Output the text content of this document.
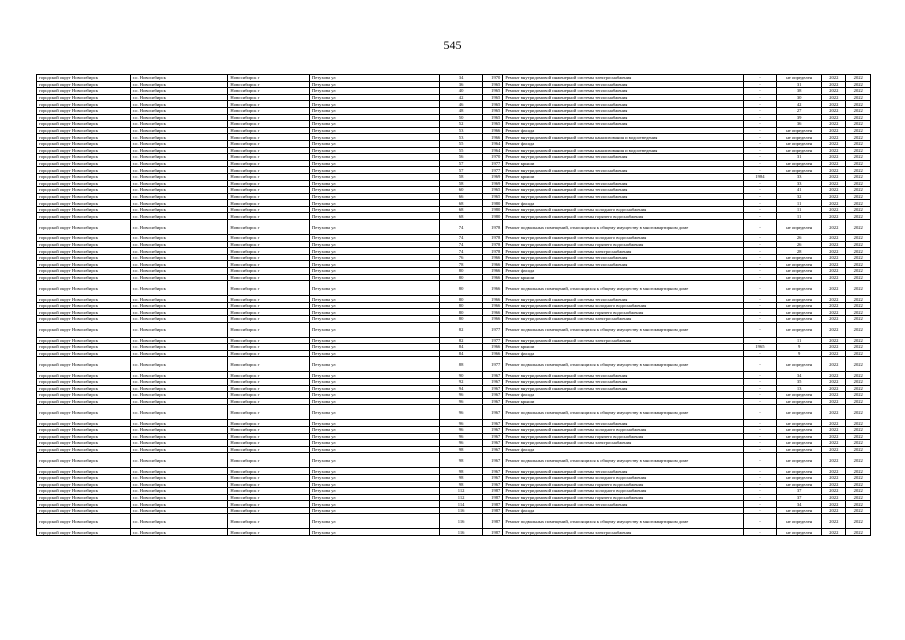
545
городской округ Новосибирск	г.о. Новосибирск	Новосибирск г	Петухова ул	34	1970	Ремонт внутридомовой инженерной системы электроснабжения	-	не определен	2022	2022
городской округ Новосибирск	г.о. Новосибирск	Новосибирск г	Петухова ул	36	1965	Ремонт внутридомовой инженерной системы теплоснабжения	-	31	2022	2022
городской округ Новосибирск	г.о. Новосибирск	Новосибирск г	Петухова ул	40	1965	Ремонт внутридомовой инженерной системы теплоснабжения	-	38	2022	2022
городской округ Новосибирск	г.о. Новосибирск	Новосибирск г	Петухова ул	42	1965	Ремонт внутридомовой инженерной системы теплоснабжения	-	30	2022	2022
городской округ Новосибирск	г.о. Новосибирск	Новосибирск г	Петухова ул	46	1965	Ремонт внутридомовой инженерной системы теплоснабжения	-	42	2022	2022
городской округ Новосибирск	г.о. Новосибирск	Новосибирск г	Петухова ул	48	1965	Ремонт внутридомовой инженерной системы теплоснабжения	-	27	2022	2022
городской округ Новосибирск	г.о. Новосибирск	Новосибирск г	Петухова ул	50	1965	Ремонт внутридомовой инженерной системы теплоснабжения	-	39	2022	2022
городской округ Новосибирск	г.о. Новосибирск	Новосибирск г	Петухова ул	52	1965	Ремонт внутридомовой инженерной системы теплоснабжения	-	36	2022	2022
городской округ Новосибирск	г.о. Новосибирск	Новосибирск г	Петухова ул	53	1966	Ремонт фасада	-	не определен	2022	2022
городской округ Новосибирск	г.о. Новосибирск	Новосибирск г	Петухова ул	53	1966	Ремонт внутридомовой инженерной системы канализования и водоотведения	-	не определен	2022	2022
городской округ Новосибирск	г.о. Новосибирск	Новосибирск г	Петухова ул	55	1964	Ремонт фасада	-	не определен	2022	2022
городской округ Новосибирск	г.о. Новосибирск	Новосибирск г	Петухова ул	55	1964	Ремонт внутридомовой инженерной системы канализования и водоотведения	-	не определен	2022	2022
городской округ Новосибирск	г.о. Новосибирск	Новосибирск г	Петухова ул	56	1970	Ремонт внутридомовой инженерной системы теплоснабжения	-	31	2022	2022
городской округ Новосибирск	г.о. Новосибирск	Новосибирск г	Петухова ул	57	1977	Ремонт крыши	-	не определен	2022	2022
городской округ Новосибирск	г.о. Новосибирск	Новосибирск г	Петухова ул	57	1977	Ремонт внутридомовой инженерной системы теплоснабжения	-	не определен	2022	2022
городской округ Новосибирск	г.о. Новосибирск	Новосибирск г	Петухова ул	58	1969	Ремонт крыши	1984	33	2022	2022
городской округ Новосибирск	г.о. Новосибирск	Новосибирск г	Петухова ул	58	1969	Ремонт внутридомовой инженерной системы теплоснабжения	-	33	2022	2022
городской округ Новосибирск	г.о. Новосибирск	Новосибирск г	Петухова ул	60	1965	Ремонт внутридомовой инженерной системы теплоснабжения	-	41	2022	2022
городской округ Новосибирск	г.о. Новосибирск	Новосибирск г	Петухова ул	66	1965	Ремонт внутридомовой инженерной системы теплоснабжения	-	32	2022	2022
городской округ Новосибирск	г.о. Новосибирск	Новосибирск г	Петухова ул	68	1980	Ремонт фасада	-	11	2022	2022
городской округ Новосибирск	г.о. Новосибирск	Новосибирск г	Петухова ул	68	1980	Ремонт внутридомовой инженерной системы холодного водоснабжения	-	11	2022	2022
городской округ Новосибирск	г.о. Новосибирск	Новосибирск г	Петухова ул	68	1980	Ремонт внутридомовой инженерной системы горячего водоснабжения	-	11	2022	2022
городской округ Новосибирск	г.о. Новосибирск	Новосибирск г	Петухова ул	74	1978	Ремонт подвальных помещений, относящихся к общему имуществу в многоквартирном доме	-	не определен	2022	2022
городской округ Новосибирск	г.о. Новосибирск	Новосибирск г	Петухова ул	74	1978	Ремонт внутридомовой инженерной системы холодного водоснабжения	-	26	2022	2022
городской округ Новосибирск	г.о. Новосибирск	Новосибирск г	Петухова ул	74	1978	Ремонт внутридомовой инженерной системы горячего водоснабжения	-	26	2022	2022
городской округ Новосибирск	г.о. Новосибирск	Новосибирск г	Петухова ул	74	1978	Ремонт внутридомовой инженерной системы электроснабжения	-	28	2022	2022
городской округ Новосибирск	г.о. Новосибирск	Новосибирск г	Петухова ул	76	1966	Ремонт внутридомовой инженерной системы теплоснабжения	-	не определен	2022	2022
городской округ Новосибирск	г.о. Новосибирск	Новосибирск г	Петухова ул	78	1966	Ремонт внутридомовой инженерной системы теплоснабжения	-	не определен	2022	2022
городской округ Новосибирск	г.о. Новосибирск	Новосибирск г	Петухова ул	80	1966	Ремонт фасада	-	не определен	2022	2022
городской округ Новосибирск	г.о. Новосибирск	Новосибирск г	Петухова ул	80	1966	Ремонт крыши	-	не определен	2022	2022
городской округ Новосибирск	г.о. Новосибирск	Новосибирск г	Петухова ул	80	1966	Ремонт подвальных помещений, относящихся к общему имуществу в многоквартирном доме	-	не определен	2022	2022
городской округ Новосибирск	г.о. Новосибирск	Новосибирск г	Петухова ул	80	1966	Ремонт внутридомовой инженерной системы теплоснабжения	-	не определен	2022	2022
городской округ Новосибирск	г.о. Новосибирск	Новосибирск г	Петухова ул	80	1966	Ремонт внутридомовой инженерной системы холодного водоснабжения	-	не определен	2022	2022
городской округ Новосибирск	г.о. Новосибирск	Новосибирск г	Петухова ул	80	1966	Ремонт внутридомовой инженерной системы горячего водоснабжения	-	не определен	2022	2022
городской округ Новосибирск	г.о. Новосибирск	Новосибирск г	Петухова ул	80	1966	Ремонт внутридомовой инженерной системы электроснабжения	-	не определен	2022	2022
городской округ Новосибирск	г.о. Новосибирск	Новосибирск г	Петухова ул	82	1977	Ремонт подвальных помещений, относящихся к общему имуществу в многоквартирном доме	-	не определен	2022	2022
городской округ Новосибирск	г.о. Новосибирск	Новосибирск г	Петухова ул	82	1977	Ремонт внутридомовой инженерной системы электроснабжения	-	11	2022	2022
городской округ Новосибирск	г.о. Новосибирск	Новосибирск г	Петухова ул	84	1966	Ремонт крыши	1965	9	2022	2022
городской округ Новосибирск	г.о. Новосибирск	Новосибирск г	Петухова ул	84	1966	Ремонт фасада	-	9	2022	2022
городской округ Новосибирск	г.о. Новосибирск	Новосибирск г	Петухова ул	88	1977	Ремонт подвальных помещений, относящихся к общему имуществу в многоквартирном доме	-	не определен	2022	2022
городской округ Новосибирск	г.о. Новосибирск	Новосибирск г	Петухова ул	90	1967	Ремонт внутридомовой инженерной системы теплоснабжения	-	34	2022	2022
городской округ Новосибирск	г.о. Новосибирск	Новосибирск г	Петухова ул	92	1967	Ремонт внутридомовой инженерной системы теплоснабжения	-	35	2022	2022
городской округ Новосибирск	г.о. Новосибирск	Новосибирск г	Петухова ул	94	1967	Ремонт внутридомовой инженерной системы теплоснабжения	-	13	2022	2022
городской округ Новосибирск	г.о. Новосибирск	Новосибирск г	Петухова ул	96	1967	Ремонт фасада	-	не определен	2022	2022
городской округ Новосибирск	г.о. Новосибирск	Новосибирск г	Петухова ул	96	1967	Ремонт крыши	-	не определен	2022	2022
городской округ Новосибирск	г.о. Новосибирск	Новосибирск г	Петухова ул	96	1967	Ремонт подвальных помещений, относящихся к общему имуществу в многоквартирном доме	-	не определен	2022	2022
городской округ Новосибирск	г.о. Новосибирск	Новосибирск г	Петухова ул	96	1967	Ремонт внутридомовой инженерной системы теплоснабжения	-	не определен	2022	2022
городской округ Новосибирск	г.о. Новосибирск	Новосибирск г	Петухова ул	96	1967	Ремонт внутридомовой инженерной системы холодного водоснабжения	-	не определен	2022	2022
городской округ Новосибирск	г.о. Новосибирск	Новосибирск г	Петухова ул	96	1967	Ремонт внутридомовой инженерной системы горячего водоснабжения	-	не определен	2022	2022
городской округ Новосибирск	г.о. Новосибирск	Новосибирск г	Петухова ул	96	1967	Ремонт внутридомовой инженерной системы электроснабжения	-	не определен	2022	2022
городской округ Новосибирск	г.о. Новосибирск	Новосибирск г	Петухова ул	98	1967	Ремонт фасада	-	не определен	2022	2022
городской округ Новосибирск	г.о. Новосибирск	Новосибирск г	Петухова ул	98	1967	Ремонт подвальных помещений, относящихся к общему имуществу в многоквартирном доме	-	не определен	2022	2022
городской округ Новосибирск	г.о. Новосибирск	Новосибирск г	Петухова ул	98	1967	Ремонт внутридомовой инженерной системы теплоснабжения	-	не определен	2022	2022
городской округ Новосибирск	г.о. Новосибирск	Новосибирск г	Петухова ул	98	1967	Ремонт внутридомовой инженерной системы холодного водоснабжения	-	не определен	2022	2022
городской округ Новосибирск	г.о. Новосибирск	Новосибирск г	Петухова ул	98	1967	Ремонт внутридомовой инженерной системы горячего водоснабжения	-	не определен	2022	2022
городской округ Новосибирск	г.о. Новосибирск	Новосибирск г	Петухова ул	112	1987	Ремонт внутридомовой инженерной системы холодного водоснабжения	-	37	2022	2022
городской округ Новосибирск	г.о. Новосибирск	Новосибирск г	Петухова ул	112	1987	Ремонт внутридомовой инженерной системы горячего водоснабжения	-	37	2022	2022
городской округ Новосибирск	г.о. Новосибирск	Новосибирск г	Петухова ул	114	1987	Ремонт внутридомовой инженерной системы теплоснабжения	-	34	2022	2022
городской округ Новосибирск	г.о. Новосибирск	Новосибирск г	Петухова ул	116	1987	Ремонт фасада	-	не определен	2022	2022
городской округ Новосибирск	г.о. Новосибирск	Новосибирск г	Петухова ул	116	1987	Ремонт подвальных помещений, относящихся к общему имуществу в многоквартирном доме	-	не определен	2022	2022
городской округ Новосибирск	г.о. Новосибирск	Новосибирск г	Петухова ул	116	1987	Ремонт внутридомовой инженерной системы электроснабжения	-	не определен	2022	2022
